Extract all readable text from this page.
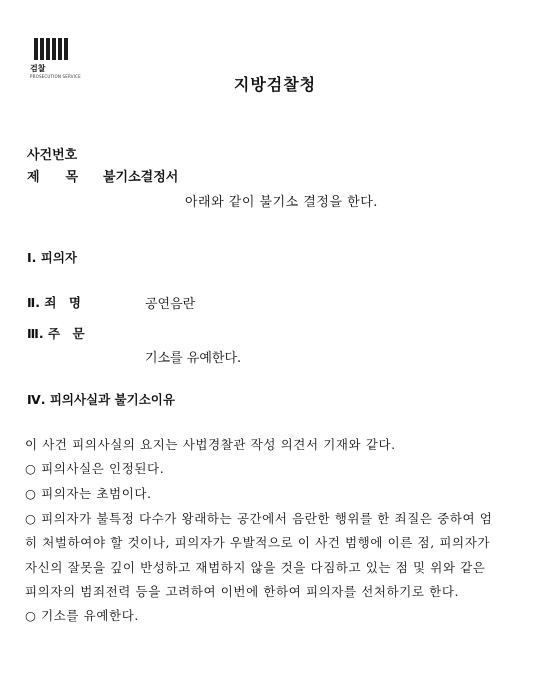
검찰
PROSECUTION SERVICE	지방검찰청
사건번호
제　　목 불기소결정서
아래와 같이 불기소 결정을 한다.
Ⅰ. 피의자
Ⅱ. 죄　명	공연음란
Ⅲ. 주　문
기소를 유예한다.
Ⅳ. 피의사실과 불기소이유
이 사건 피의사실의 요지는 사법경찰관 작성 의견서 기재와 같다.
○ 피의사실은 인정된다.
○ 피의자는 초범이다.
○ 피의자가 불특정 다수가 왕래하는 공간에서 음란한 행위를 한 죄질은 중하여 엄
히 처벌하여야 할 것이나, 피의자가 우발적으로 이 사건 범행에 이른 점, 피의자가
자신의 잘못을 깊이 반성하고 재범하지 않을 것을 다짐하고 있는 점 및 위와 같은
피의자의 범죄전력 등을 고려하여 이번에 한하여 피의자를 선처하기로 한다.
○ 기소를 유예한다.
